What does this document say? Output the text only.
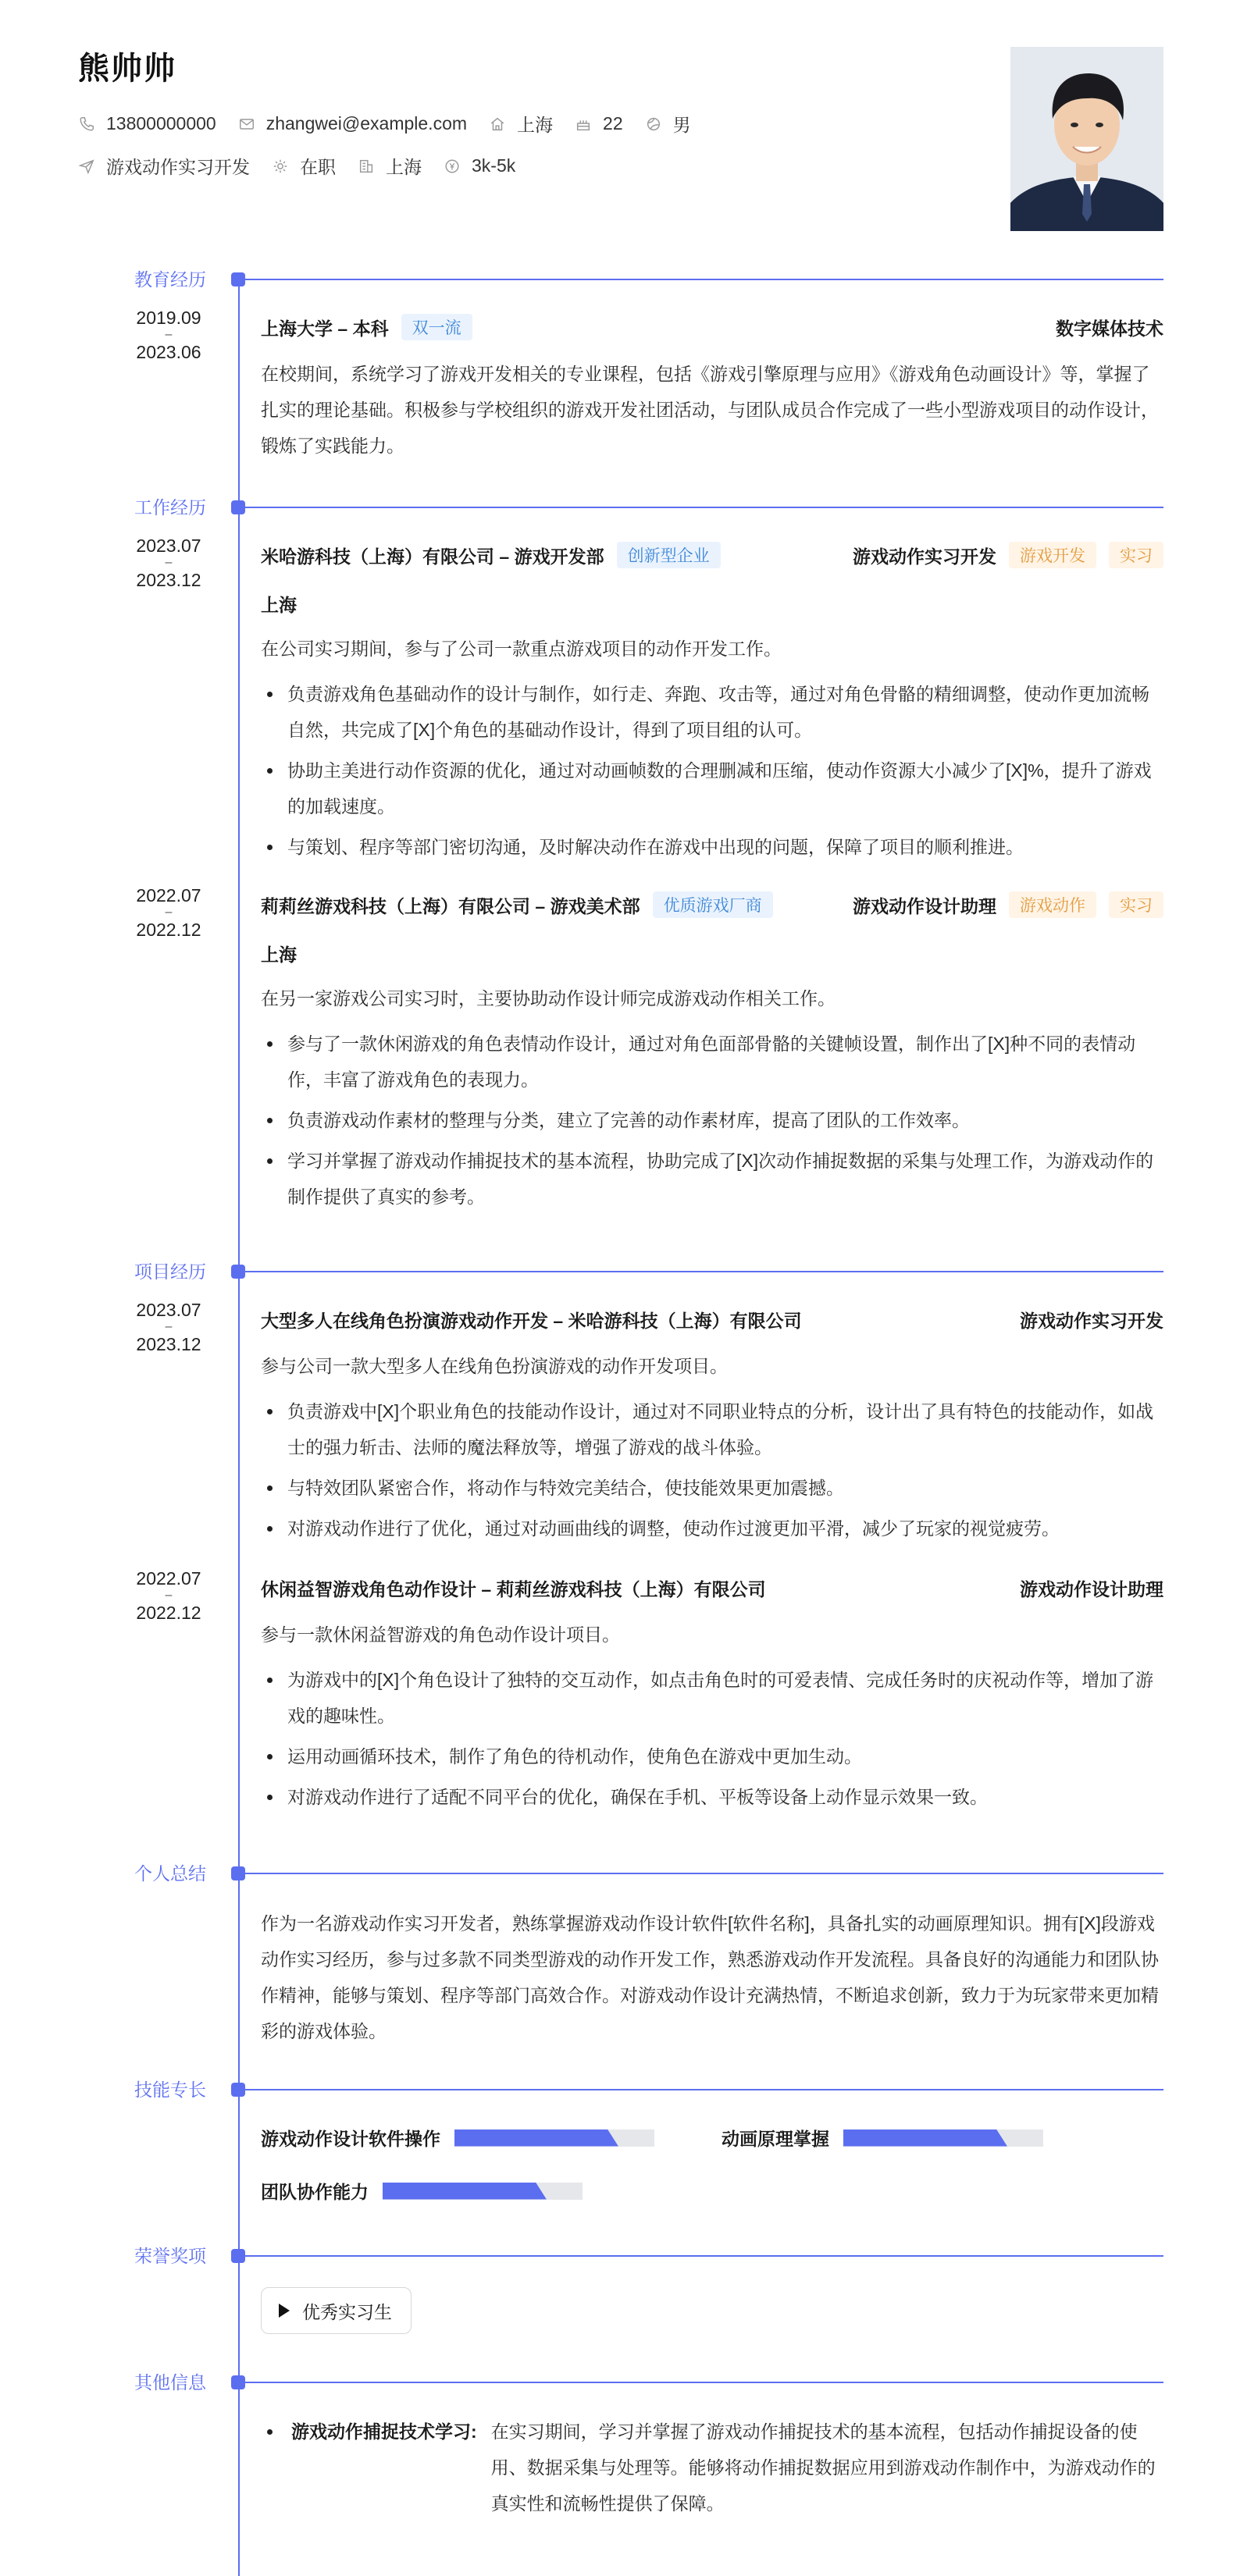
熊帅帅
13800000000	zhangwei@example.com	上海	22	男
游戏动作实习开发	在职	上海	3k-5k
教育经历
2019.09
–
2023.06
上海大学 – 本科	双一流	数字媒体技术
在校期间，系统学习了游戏开发相关的专业课程，包括《游戏引擎原理与应用》《游戏角色动画设计》等，掌握了扎实的理论基础。积极参与学校组织的游戏开发社团活动，与团队成员合作完成了一些小型游戏项目的动作设计，锻炼了实践能力。
工作经历
2023.07
–
2023.12
米哈游科技（上海）有限公司 – 游戏开发部	创新型企业	游戏动作实习开发	游戏开发	实习
上海
在公司实习期间，参与了公司一款重点游戏项目的动作开发工作。
负责游戏角色基础动作的设计与制作，如行走、奔跑、攻击等，通过对角色骨骼的精细调整，使动作更加流畅自然，共完成了[X]个角色的基础动作设计，得到了项目组的认可。
协助主美进行动作资源的优化，通过对动画帧数的合理删减和压缩，使动作资源大小减少了[X]%，提升了游戏的加载速度。
与策划、程序等部门密切沟通，及时解决动作在游戏中出现的问题，保障了项目的顺利推进。
2022.07
–
2022.12
莉莉丝游戏科技（上海）有限公司 – 游戏美术部	优质游戏厂商	游戏动作设计助理	游戏动作	实习
上海
在另一家游戏公司实习时，主要协助动作设计师完成游戏动作相关工作。
参与了一款休闲游戏的角色表情动作设计，通过对角色面部骨骼的关键帧设置，制作出了[X]种不同的表情动作，丰富了游戏角色的表现力。
负责游戏动作素材的整理与分类，建立了完善的动作素材库，提高了团队的工作效率。
学习并掌握了游戏动作捕捉技术的基本流程，协助完成了[X]次动作捕捉数据的采集与处理工作，为游戏动作的制作提供了真实的参考。
项目经历
2023.07
–
2023.12
大型多人在线角色扮演游戏动作开发 – 米哈游科技（上海）有限公司	游戏动作实习开发
参与公司一款大型多人在线角色扮演游戏的动作开发项目。
负责游戏中[X]个职业角色的技能动作设计，通过对不同职业特点的分析，设计出了具有特色的技能动作，如战士的强力斩击、法师的魔法释放等，增强了游戏的战斗体验。
与特效团队紧密合作，将动作与特效完美结合，使技能效果更加震撼。
对游戏动作进行了优化，通过对动画曲线的调整，使动作过渡更加平滑，减少了玩家的视觉疲劳。
2022.07
–
2022.12
休闲益智游戏角色动作设计 – 莉莉丝游戏科技（上海）有限公司	游戏动作设计助理
参与一款休闲益智游戏的角色动作设计项目。
为游戏中的[X]个角色设计了独特的交互动作，如点击角色时的可爱表情、完成任务时的庆祝动作等，增加了游戏的趣味性。
运用动画循环技术，制作了角色的待机动作，使角色在游戏中更加生动。
对游戏动作进行了适配不同平台的优化，确保在手机、平板等设备上动作显示效果一致。
个人总结
作为一名游戏动作实习开发者，熟练掌握游戏动作设计软件[软件名称]，具备扎实的动画原理知识。拥有[X]段游戏动作实习经历，参与过多款不同类型游戏的动作开发工作，熟悉游戏动作开发流程。具备良好的沟通能力和团队协作精神，能够与策划、程序等部门高效合作。对游戏动作设计充满热情，不断追求创新，致力于为玩家带来更加精彩的游戏体验。
技能专长
游戏动作设计软件操作	动画原理掌握
团队协作能力
荣誉奖项
优秀实习生
其他信息
游戏动作捕捉技术学习: 在实习期间，学习并掌握了游戏动作捕捉技术的基本流程，包括动作捕捉设备的使用、数据采集与处理等。能够将动作捕捉数据应用到游戏动作制作中，为游戏动作的真实性和流畅性提供了保障。
